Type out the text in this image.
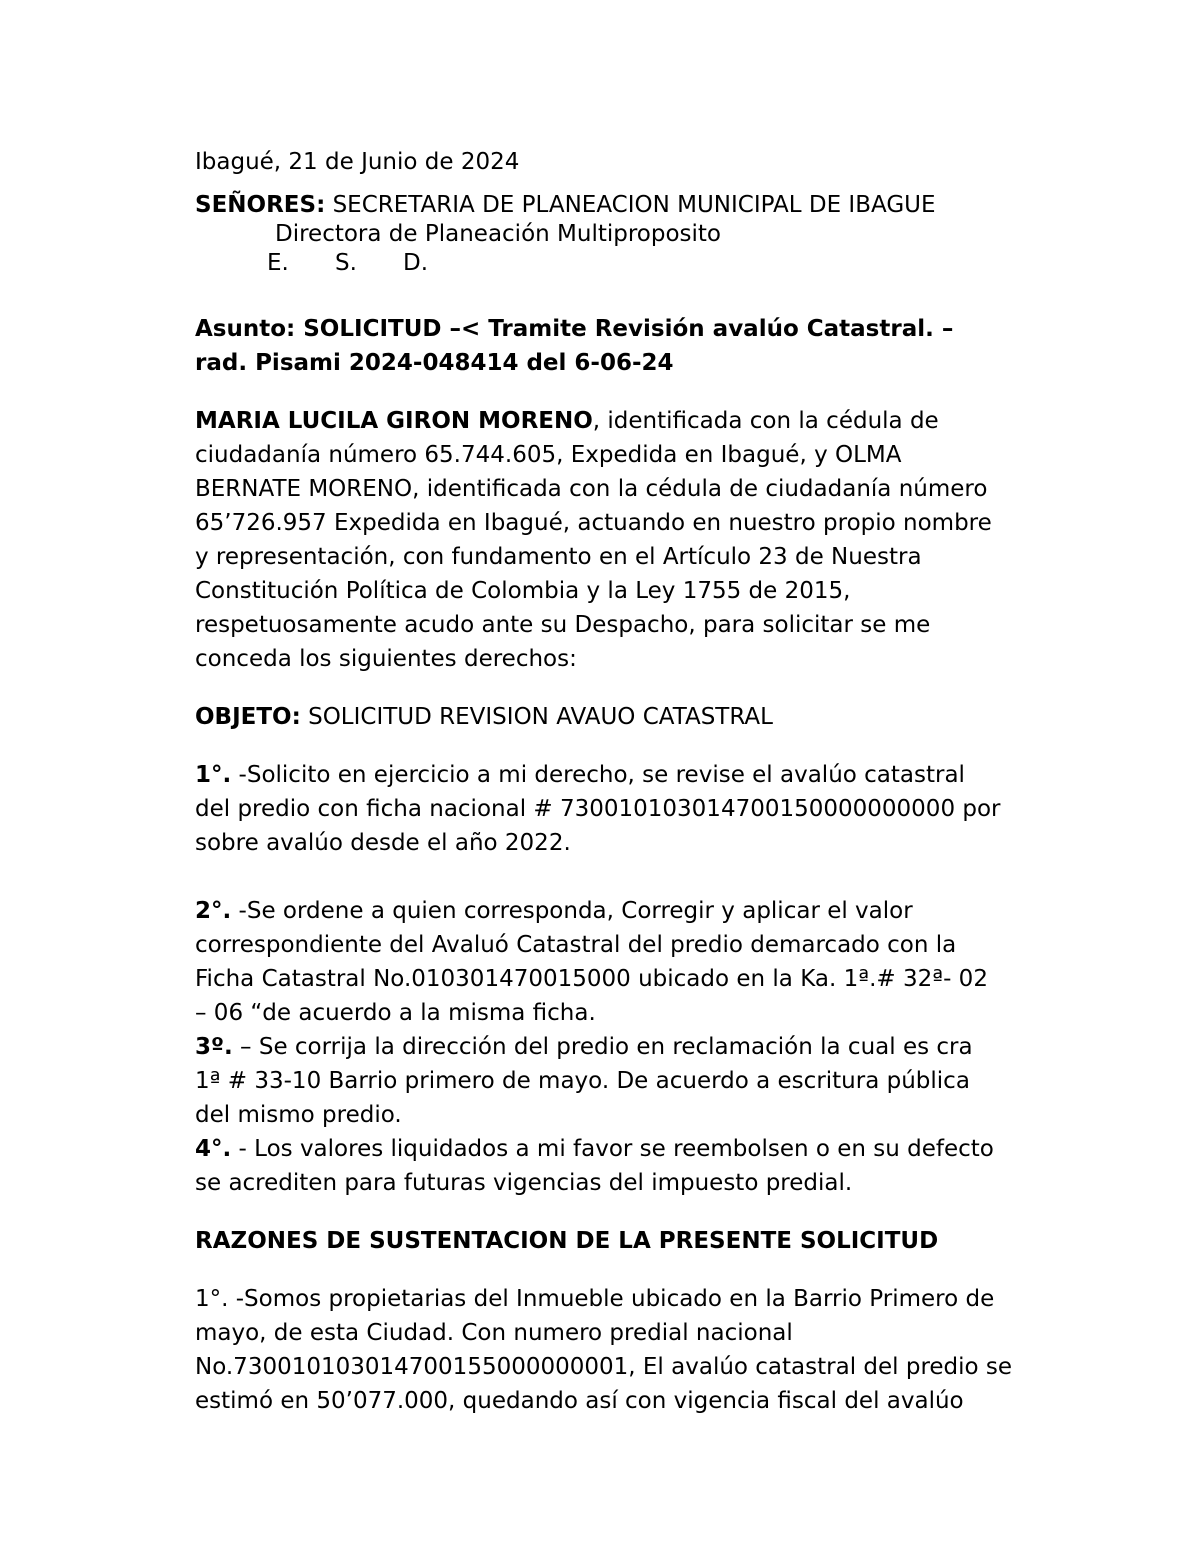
Ibagué, 21 de Junio de 2024

SEÑORES: SECRETARIA DE PLANEACION MUNICIPAL DE IBAGUE

Directora de Planeación Multiproposito

E. S. D.

Asunto: SOLICITUD –< Tramite Revisión avalúo Catastral. –

rad. Pisami 2024-048414 del 6-06-24

MARIA LUCILA GIRON MORENO, identificada con la cédula de

ciudadanía número 65.744.605, Expedida en Ibagué, y OLMA

BERNATE MORENO, identificada con la cédula de ciudadanía número

65’726.957 Expedida en Ibagué, actuando en nuestro propio nombre

y representación, con fundamento en el Artículo 23 de Nuestra

Constitución Política de Colombia y la Ley 1755 de 2015,

respetuosamente acudo ante su Despacho, para solicitar se me

conceda los siguientes derechos:

OBJETO: SOLICITUD REVISION AVAUO CATASTRAL

1°. -Solicito en ejercicio a mi derecho, se revise el avalúo catastral

del predio con ficha nacional # 730010103014700150000000000 por

sobre avalúo desde el año 2022.

2°. -Se ordene a quien corresponda, Corregir y aplicar el valor

correspondiente del Avaluó Catastral del predio demarcado con la

Ficha Catastral No.010301470015000 ubicado en la Ka. 1ª.# 32ª- 02

– 06 “de acuerdo a la misma ficha.

3º. – Se corrija la dirección del predio en reclamación la cual es cra

1ª # 33-10 Barrio primero de mayo. De acuerdo a escritura pública

del mismo predio.

4°. - Los valores liquidados a mi favor se reembolsen o en su defecto

se acrediten para futuras vigencias del impuesto predial.

RAZONES DE SUSTENTACION DE LA PRESENTE SOLICITUD

1°. -Somos propietarias del Inmueble ubicado en la Barrio Primero de

mayo, de esta Ciudad. Con numero predial nacional

No.730010103014700155000000001, El avalúo catastral del predio se

estimó en 50’077.000, quedando así con vigencia fiscal del avalúo
